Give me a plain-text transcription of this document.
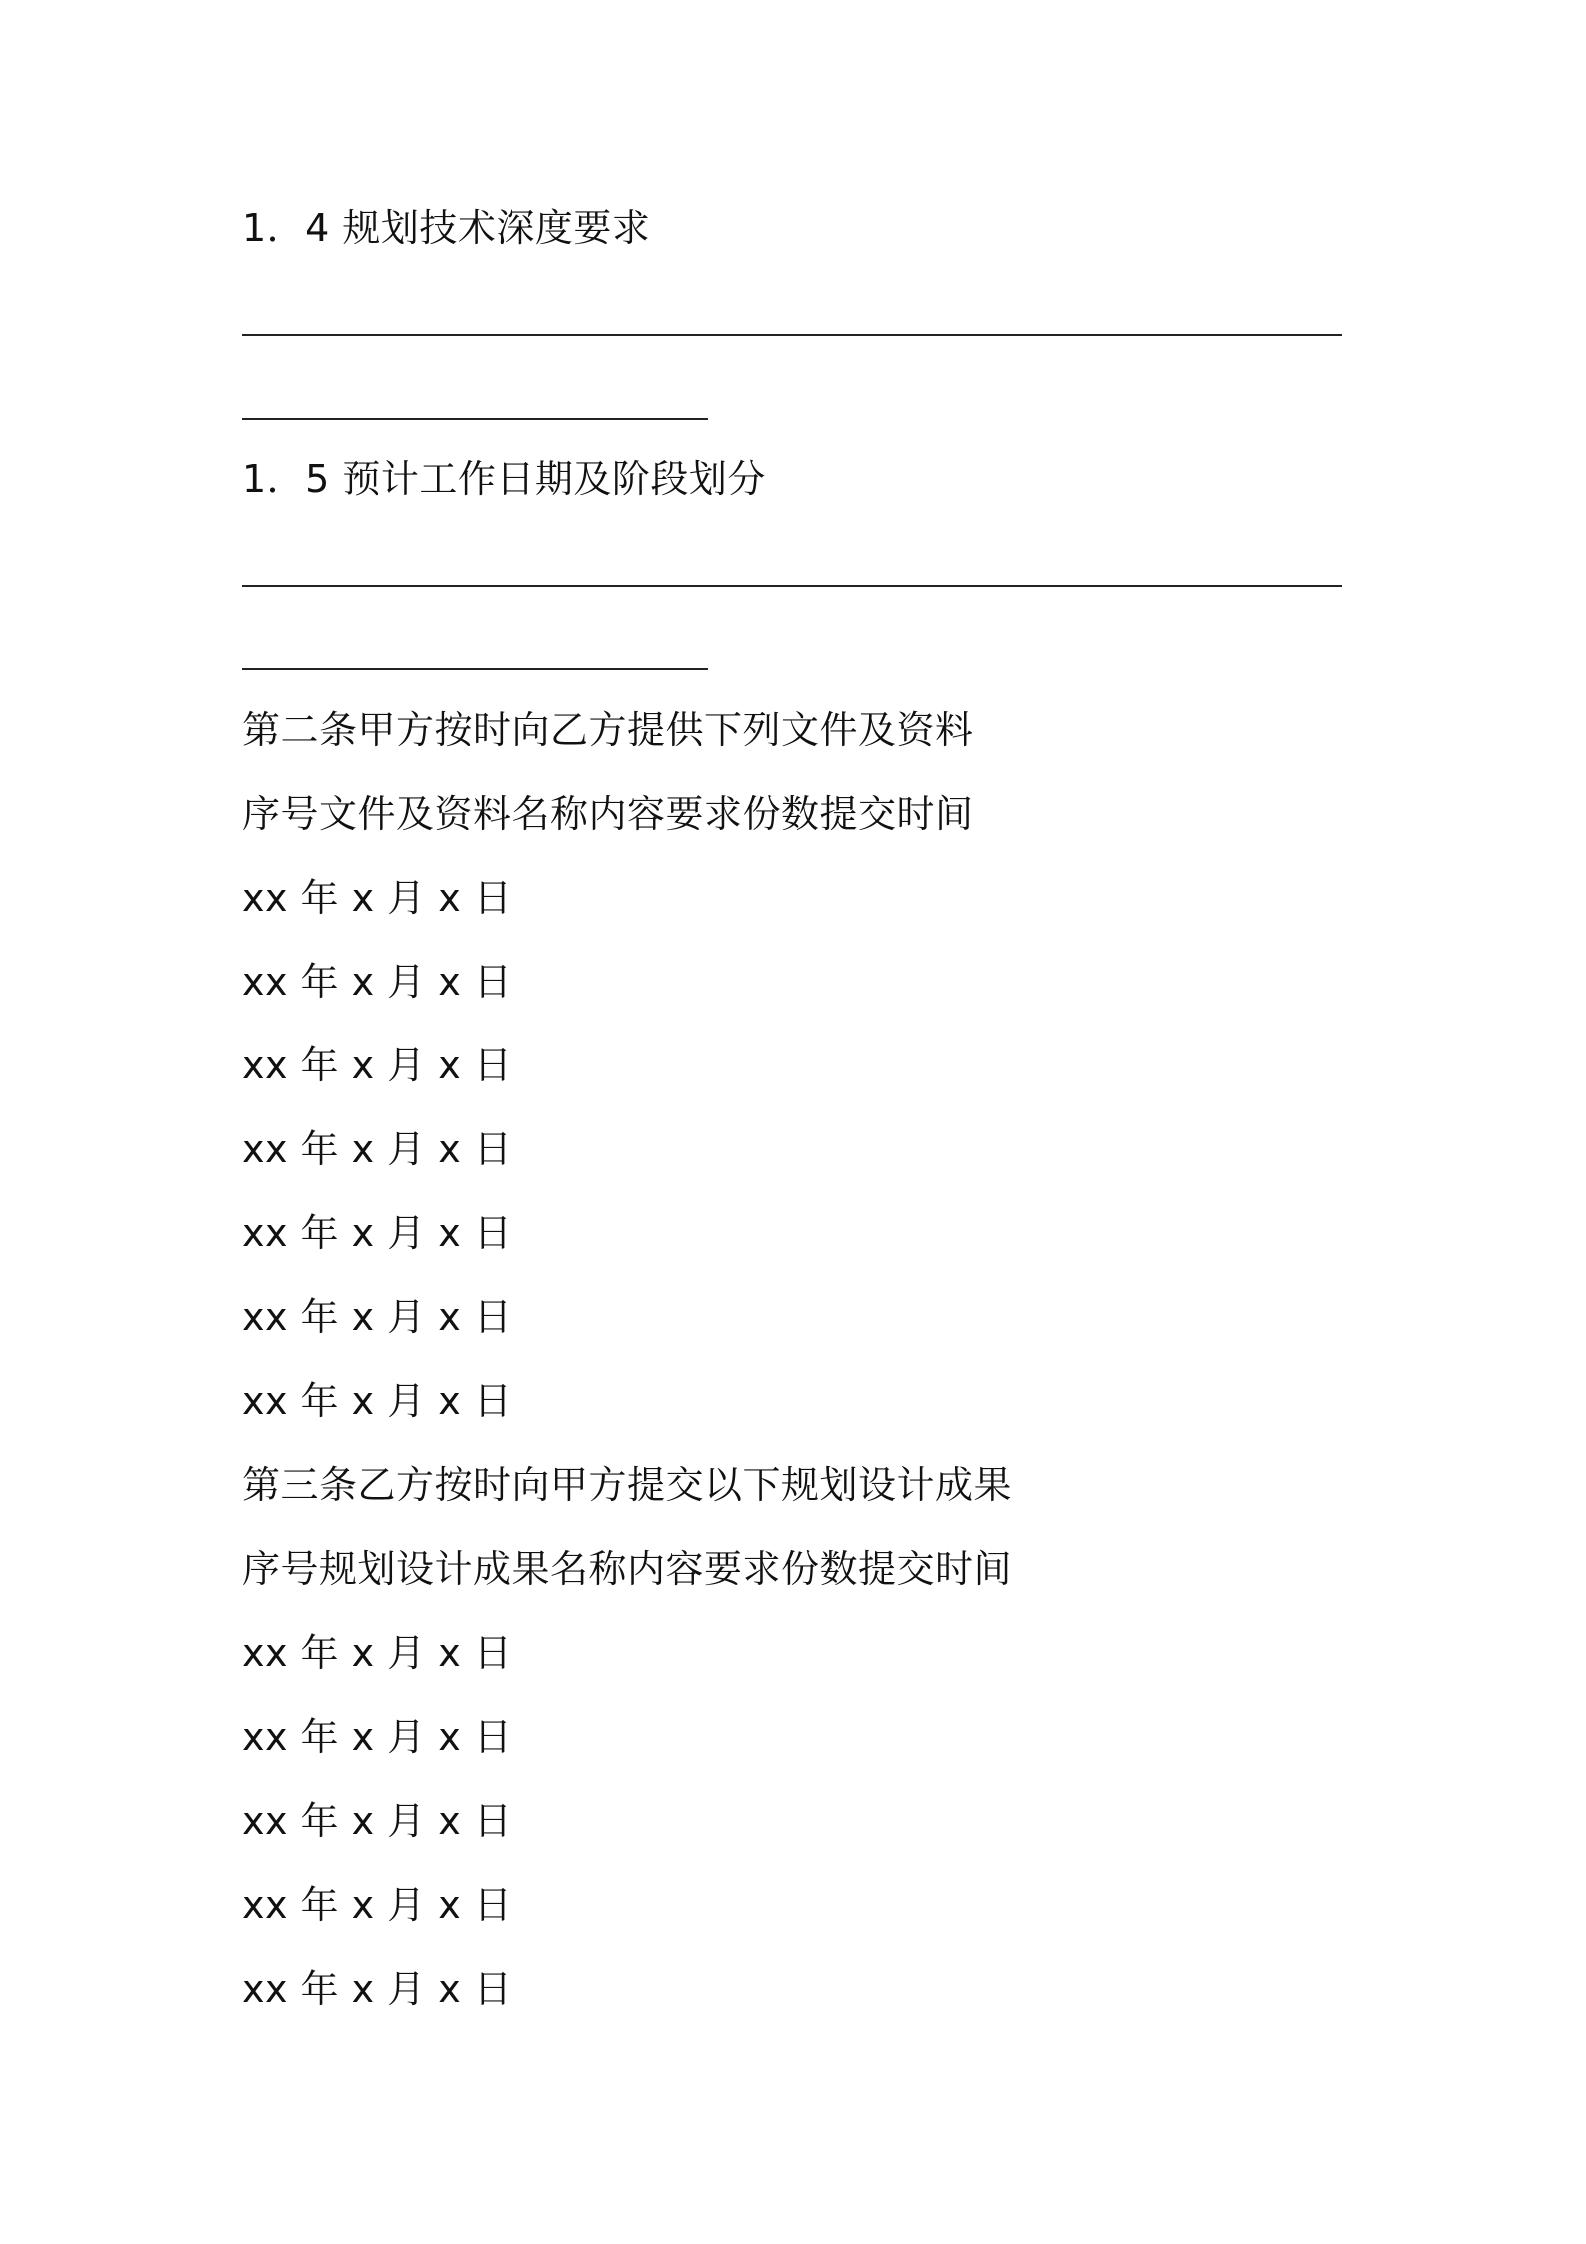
1．4 规划技术深度要求
1．5 预计工作日期及阶段划分
第二条甲方按时向乙方提供下列文件及资料
序号文件及资料名称内容要求份数提交时间
xx 年 x 月 x 日
xx 年 x 月 x 日
xx 年 x 月 x 日
xx 年 x 月 x 日
xx 年 x 月 x 日
xx 年 x 月 x 日
xx 年 x 月 x 日
第三条乙方按时向甲方提交以下规划设计成果
序号规划设计成果名称内容要求份数提交时间
xx 年 x 月 x 日
xx 年 x 月 x 日
xx 年 x 月 x 日
xx 年 x 月 x 日
xx 年 x 月 x 日
